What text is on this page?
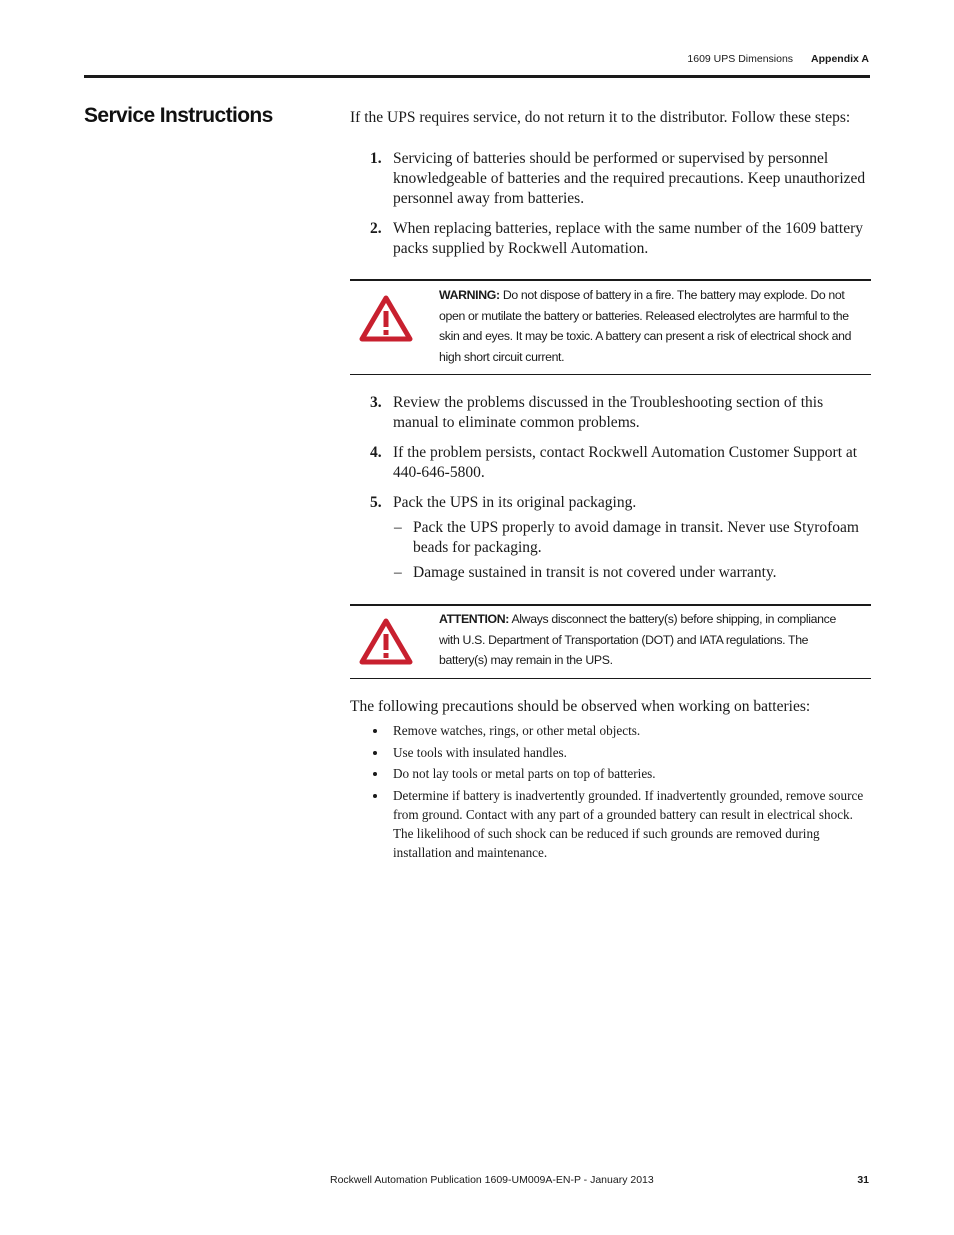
1609 UPS Dimensions Appendix A
Service Instructions	If the UPS requires service, do not return it to the distributor. Follow these steps:

1. Servicing of batteries should be performed or supervised by personnel knowledgeable of batteries and the required precautions. Keep unauthorized personnel away from batteries.
2. When replacing batteries, replace with the same number of the 1609 battery packs supplied by Rockwell Automation.
WARNING: Do not dispose of battery in a fire. The battery may explode. Do not open or mutilate the battery or batteries. Released electrolytes are harmful to the skin and eyes. It may be toxic. A battery can present a risk of electrical shock and high short circuit current.
3. Review the problems discussed in the Troubleshooting section of this manual to eliminate common problems.
4. If the problem persists, contact Rockwell Automation Customer Support at 440-646-5800.
5. Pack the UPS in its original packaging.
– Pack the UPS properly to avoid damage in transit. Never use Styrofoam beads for packaging.
– Damage sustained in transit is not covered under warranty.
ATTENTION: Always disconnect the battery(s) before shipping, in compliance with U.S. Department of Transportation (DOT) and IATA regulations. The battery(s) may remain in the UPS.

The following precautions should be observed when working on batteries:

Remove watches, rings, or other metal objects.
Use tools with insulated handles.
Do not lay tools or metal parts on top of batteries.
Determine if battery is inadvertently grounded. If inadvertently grounded, remove source from ground. Contact with any part of a grounded battery can result in electrical shock. The likelihood of such shock can be reduced if such grounds are removed during installation and maintenance.
Rockwell Automation Publication 1609-UM009A-EN-P - January 2013	31
